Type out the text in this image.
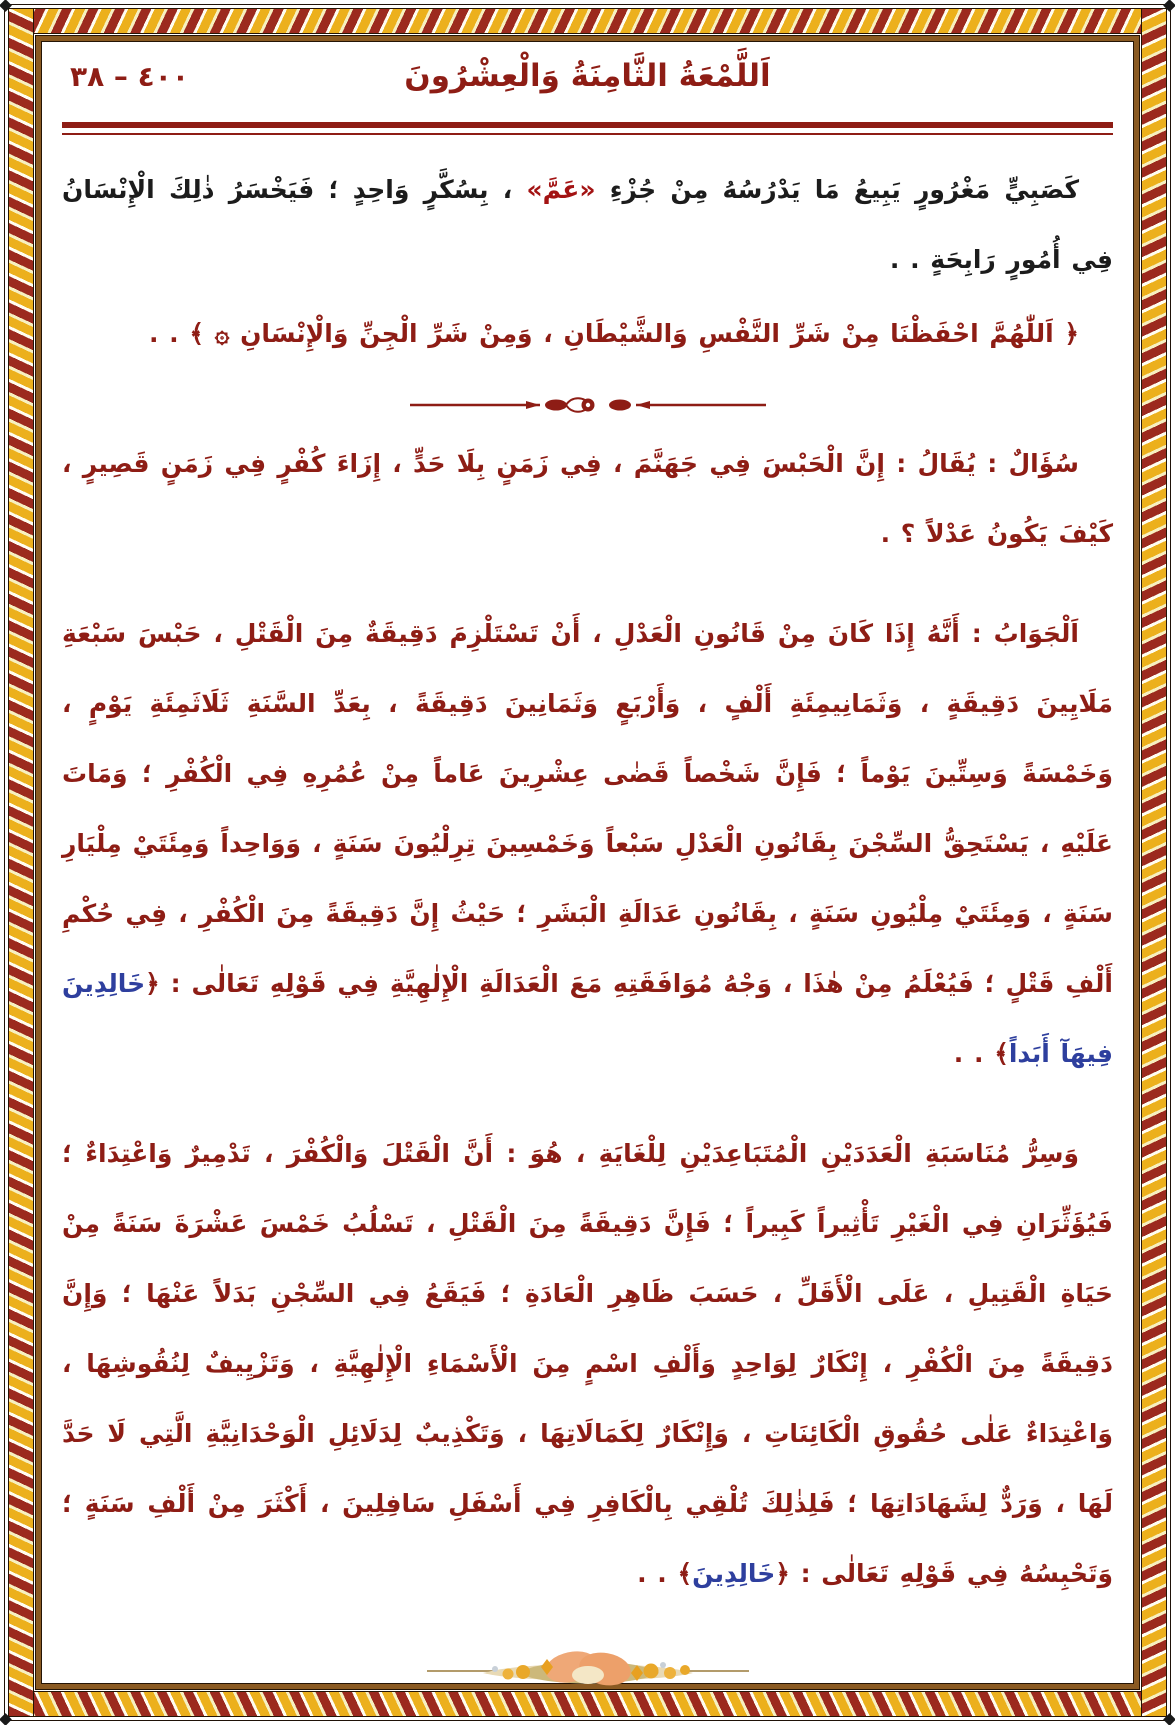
٣٨ – ٤٠٠	اَللَّمْعَةُ الثَّامِنَةُ وَالْعِشْرُونَ

كَصَبِيٍّ مَغْرُورٍ يَبِيعُ مَا يَدْرُسُهُ مِنْ جُزْءِ «عَمَّ» ، بِسُكَّرٍ وَاحِدٍ ؛ فَيَخْسَرُ ذٰلِكَ الْإِنْسَانُ فِي أُمُورٍ رَابِحَةٍ . .

﴿ اَللّٰهُمَّ احْفَظْنَا مِنْ شَرِّ النَّفْسِ وَالشَّيْطَانِ ، وَمِنْ شَرِّ الْجِنِّ وَالْإِنْسَانِ ۞ ﴾ . .

سُؤَالٌ : يُقَالُ : إِنَّ الْحَبْسَ فِي جَهَنَّمَ ، فِي زَمَنٍ بِلَا حَدٍّ ، إِزَاءَ كُفْرٍ فِي زَمَنٍ قَصِيرٍ ، كَيْفَ يَكُونُ عَدْلاً ؟ .

اَلْجَوَابُ : أَنَّهُ إِذَا كَانَ مِنْ قَانُونِ الْعَدْلِ ، أَنْ تَسْتَلْزِمَ دَقِيقَةٌ مِنَ الْقَتْلِ ، حَبْسَ سَبْعَةِ مَلَايِينَ دَقِيقَةٍ ، وَثَمَانِيمِئَةِ أَلْفٍ ، وَأَرْبَعٍ وَثَمَانِينَ دَقِيقَةً ، بِعَدِّ السَّنَةِ ثَلَاثَمِئَةِ يَوْمٍ ، وَخَمْسَةً وَسِتِّينَ يَوْماً ؛ فَإِنَّ شَخْصاً قَضٰى عِشْرِينَ عَاماً مِنْ عُمُرِهِ فِي الْكُفْرِ ؛ وَمَاتَ عَلَيْهِ ، يَسْتَحِقُّ السِّجْنَ بِقَانُونِ الْعَدْلِ سَبْعاً وَخَمْسِينَ تِرِلْيُونَ سَنَةٍ ، وَوَاحِداً وَمِئَتَيْ مِلْيَارِ سَنَةٍ ، وَمِئَتَيْ مِلْيُونِ سَنَةٍ ، بِقَانُونِ عَدَالَةِ الْبَشَرِ ؛ حَيْثُ إِنَّ دَقِيقَةً مِنَ الْكُفْرِ ، فِي حُكْمِ أَلْفِ قَتْلٍ ؛ فَيُعْلَمُ مِنْ هٰذَا ، وَجْهُ مُوَافَقَتِهِ مَعَ الْعَدَالَةِ الْإِلٰهِيَّةِ فِي قَوْلِهِ تَعَالٰى : ﴿خَالِدِينَ فِيهَآ أَبَداً﴾ . .

وَسِرُّ مُنَاسَبَةِ الْعَدَدَيْنِ الْمُتَبَاعِدَيْنِ لِلْغَايَةِ ، هُوَ : أَنَّ الْقَتْلَ وَالْكُفْرَ ، تَدْمِيرٌ وَاعْتِدَاءٌ ؛ فَيُؤَثِّرَانِ فِي الْغَيْرِ تَأْثِيراً كَبِيراً ؛ فَإِنَّ دَقِيقَةً مِنَ الْقَتْلِ ، تَسْلُبُ خَمْسَ عَشْرَةَ سَنَةً مِنْ حَيَاةِ الْقَتِيلِ ، عَلَى الْأَقَلِّ ، حَسَبَ ظَاهِرِ الْعَادَةِ ؛ فَيَقَعُ فِي السِّجْنِ بَدَلاً عَنْهَا ؛ وَإِنَّ دَقِيقَةً مِنَ الْكُفْرِ ، إِنْكَارٌ لِوَاحِدٍ وَأَلْفِ اسْمٍ مِنَ الْأَسْمَاءِ الْإِلٰهِيَّةِ ، وَتَزْيِيفٌ لِنُقُوشِهَا ، وَاعْتِدَاءٌ عَلٰى حُقُوقِ الْكَائِنَاتِ ، وَإِنْكَارٌ لِكَمَالَاتِهَا ، وَتَكْذِيبٌ لِدَلَائِلِ الْوَحْدَانِيَّةِ الَّتِي لَا حَدَّ لَهَا ، وَرَدٌّ لِشَهَادَاتِهَا ؛ فَلِذٰلِكَ تُلْقِي بِالْكَافِرِ فِي أَسْفَلِ سَافِلِينَ ، أَكْثَرَ مِنْ أَلْفِ سَنَةٍ ؛ وَتَحْبِسُهُ فِي قَوْلِهِ تَعَالٰى : ﴿خَالِدِينَ﴾ . .
